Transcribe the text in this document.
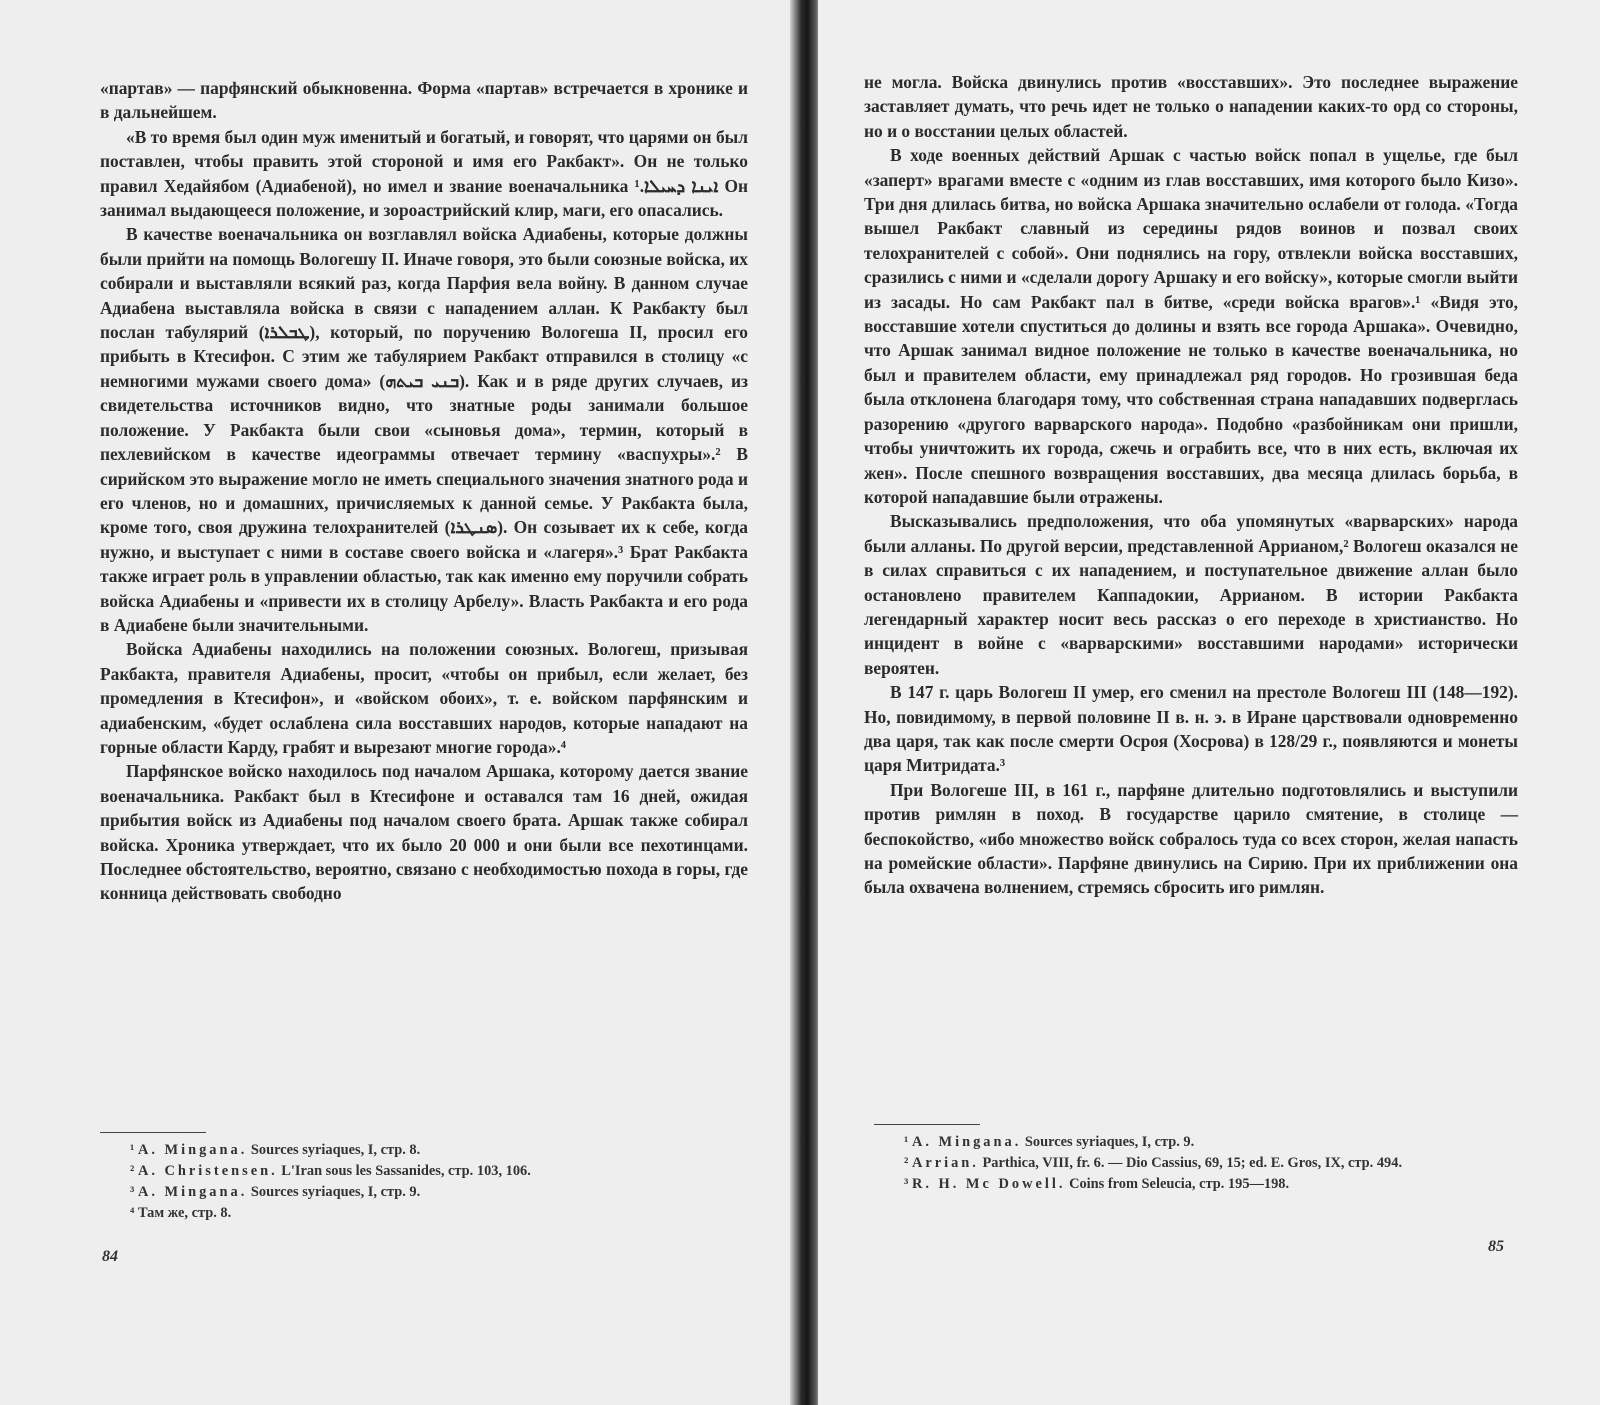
«партав» — парфянский обыкновенна. Форма «партав» встречается в хронике и в дальнейшем.

«В то время был один муж именитый и богатый, и говорят, что царями он был поставлен, чтобы править этой стороной и имя его Ракбакт». Он не только правил Хедайябом (Адиабеной), но имел и звание военачальника ܐܝܢܐ ܕܚܝܠܐ.¹ Он занимал выдающееся положение, и зороастрийский клир, маги, его опасались.

В качестве военачальника он возглавлял войска Адиабены, которые должны были прийти на помощь Вологешу II. Иначе говоря, это были союзные войска, их собирали и выставляли всякий раз, когда Парфия вела войну. В данном случае Адиабена выставляла войска в связи с нападением аллан. К Ракбакту был послан табулярий (ܛܒܠܪܐ), который, по поручению Вологеша II, просил его прибыть в Ктесифон. С этим же табулярием Ракбакт отправился в столицу «с немногими мужами своего дома» (ܒܢܝ ܒܝܬܗ). Как и в ряде других случаев, из свидетельства источников видно, что знатные роды занимали большое положение. У Ракбакта были свои «сыновья дома», термин, который в пехлевийском в качестве идеограммы отвечает термину «васпухры».² В сирийском это выражение могло не иметь специального значения знатного рода и его членов, но и домашних, причисляемых к данной семье. У Ракбакта была, кроме того, своя дружина телохранителей (ܣܢܛܪܐ). Он созывает их к себе, когда нужно, и выступает с ними в составе своего войска и «лагеря».³ Брат Ракбакта также играет роль в управлении областью, так как именно ему поручили собрать войска Адиабены и «привести их в столицу Арбелу». Власть Ракбакта и его рода в Адиабене были значительными.

Войска Адиабены находились на положении союзных. Вологеш, призывая Ракбакта, правителя Адиабены, просит, «чтобы он прибыл, если желает, без промедления в Ктесифон», и «войском обоих», т. е. войском парфянским и адиабенским, «будет ослаблена сила восставших народов, которые нападают на горные области Карду, грабят и вырезают многие города».⁴

Парфянское войско находилось под началом Аршака, которому дается звание военачальника. Ракбакт был в Ктесифоне и оставался там 16 дней, ожидая прибытия войск из Адиабены под началом своего брата. Аршак также собирал войска. Хроника утверждает, что их было 20 000 и они были все пехотинцами. Последнее обстоятельство, вероятно, связано с необходимостью похода в горы, где конница действовать свободно

¹ A. Mingana. Sources syriaques, I, стр. 8.

² A. Christensen. L'Iran sous les Sassanides, стр. 103, 106.

³ A. Mingana. Sources syriaques, I, стр. 9.

⁴ Там же, стр. 8.

84

не могла. Войска двинулись против «восставших». Это последнее выражение заставляет думать, что речь идет не только о нападении каких-то орд со стороны, но и о восстании целых областей.

В ходе военных действий Аршак с частью войск попал в ущелье, где был «заперт» врагами вместе с «одним из глав восставших, имя которого было Кизо». Три дня длилась битва, но войска Аршака значительно ослабели от голода. «Тогда вышел Ракбакт славный из середины рядов воинов и позвал своих телохранителей с собой». Они поднялись на гору, отвлекли войска восставших, сразились с ними и «сделали дорогу Аршаку и его войску», которые смогли выйти из засады. Но сам Ракбакт пал в битве, «среди войска врагов».¹ «Видя это, восставшие хотели спуститься до долины и взять все города Аршака». Очевидно, что Аршак занимал видное положение не только в качестве военачальника, но был и правителем области, ему принадлежал ряд городов. Но грозившая беда была отклонена благодаря тому, что собственная страна нападавших подверглась разорению «другого варварского народа». Подобно «разбойникам они пришли, чтобы уничтожить их города, сжечь и ограбить все, что в них есть, включая их жен». После спешного возвращения восставших, два месяца длилась борьба, в которой нападавшие были отражены.

Высказывались предположения, что оба упомянутых «варварских» народа были алланы. По другой версии, представленной Аррианом,² Вологеш оказался не в силах справиться с их нападением, и поступательное движение аллан было остановлено правителем Каппадокии, Аррианом. В истории Ракбакта легендарный характер носит весь рассказ о его переходе в христианство. Но инцидент в войне с «варварскими» восставшими народами» исторически вероятен.

В 147 г. царь Вологеш II умер, его сменил на престоле Вологеш III (148—192). Но, повидимому, в первой половине II в. н. э. в Иране царствовали одновременно два царя, так как после смерти Осроя (Хосрова) в 128/29 г., появляются и монеты царя Митридата.³

При Вологеше III, в 161 г., парфяне длительно подготовлялись и выступили против римлян в поход. В государстве царило смятение, в столице — беспокойство, «ибо множество войск собралось туда со всех сторон, желая напасть на ромейские области». Парфяне двинулись на Сирию. При их приближении она была охвачена волнением, стремясь сбросить иго римлян.

¹ A. Mingana. Sources syriaques, I, стр. 9.

² Arrian. Parthica, VIII, fr. 6. — Dio Cassius, 69, 15; ed. E. Gros, IX, стр. 494.

³ R. H. Mc Dowell. Coins from Seleucia, стр. 195—198.

85
